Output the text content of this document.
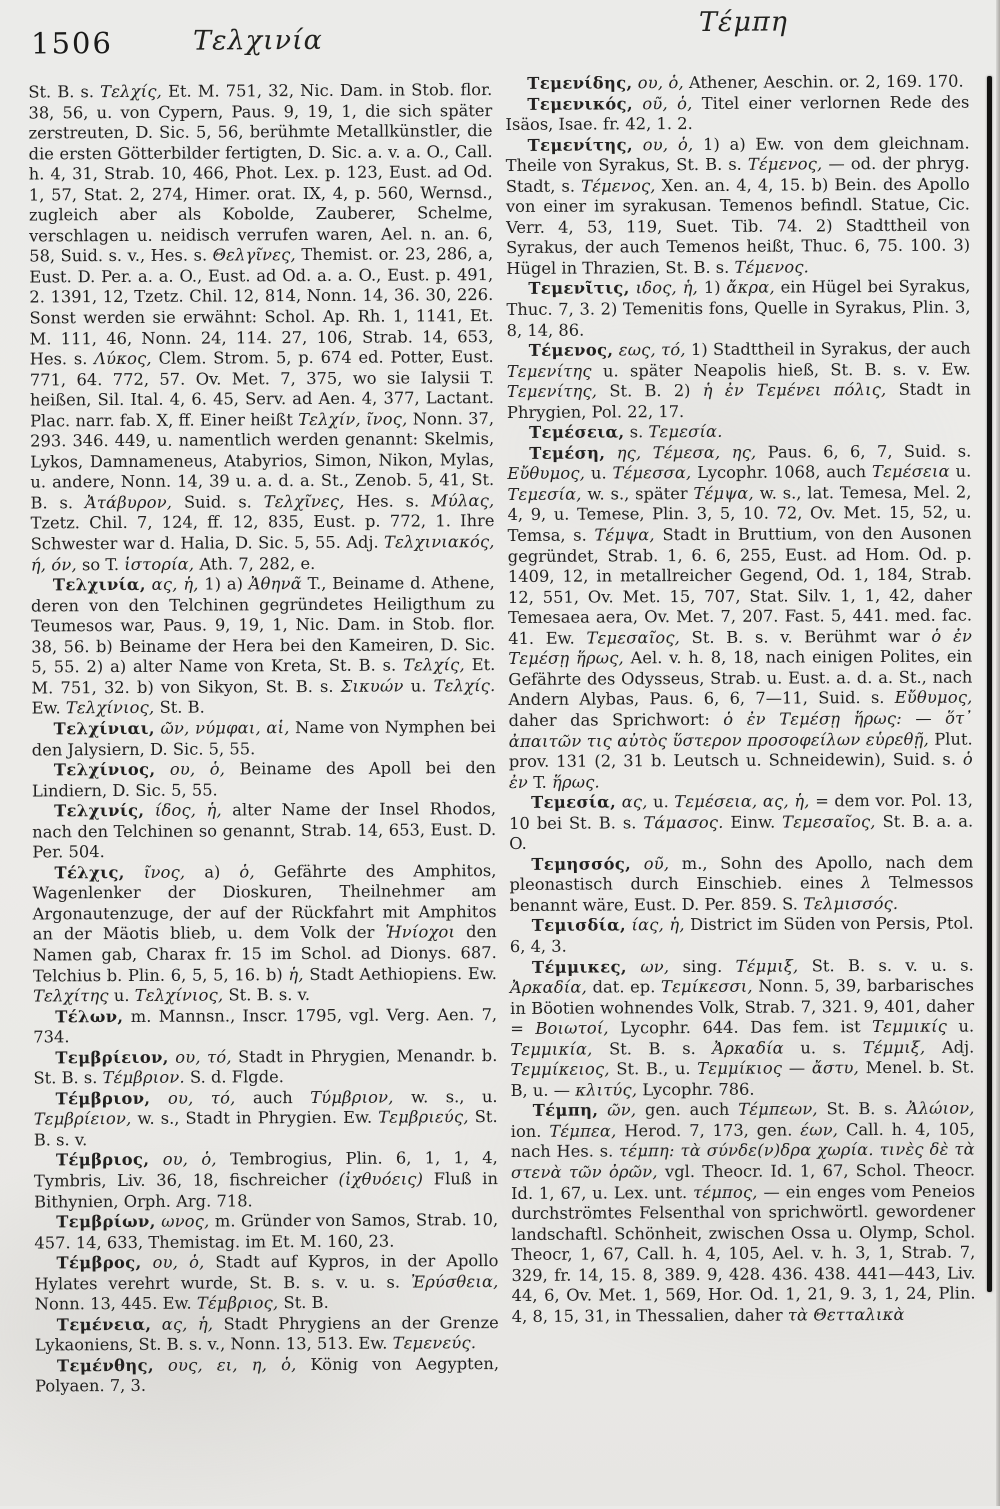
1506	Τελχινία
Τέμπη

St. B. s. Τελχίς, Et. M. 751, 32, Nic. Dam. in Stob. flor. 38, 56, u. von Cypern, Paus. 9, 19, 1, die sich später zerstreuten, D. Sic. 5, 56, berühmte Metallkünstler, die die ersten Götterbilder fertigten, D. Sic. a. v. a. O., Call. h. 4, 31, Strab. 10, 466, Phot. Lex. p. 123, Eust. ad Od. 1, 57, Stat. 2, 274, Himer. orat. IX, 4, p. 560, Wernsd., zugleich aber als Kobolde, Zauberer, Schelme, verschlagen u. neidisch verrufen waren, Ael. n. an. 6, 58, Suid. s. v., Hes. s. Θελγῖνες, Themist. or. 23, 286, a, Eust. D. Per. a. a. O., Eust. ad Od. a. a. O., Eust. p. 491, 2. 1391, 12, Tzetz. Chil. 12, 814, Nonn. 14, 36. 30, 226. Sonst werden sie erwähnt: Schol. Ap. Rh. 1, 1141, Et. M. 111, 46, Nonn. 24, 114. 27, 106, Strab. 14, 653, Hes. s. Λύκος, Clem. Strom. 5, p. 674 ed. Potter, Eust. 771, 64. 772, 57. Ov. Met. 7, 375, wo sie Ialysii T. heißen, Sil. Ital. 4, 6. 45, Serv. ad Aen. 4, 377, Lactant. Plac. narr. fab. X, ff. Einer heißt Τελχίν, ῖνος, Nonn. 37, 293. 346. 449, u. namentlich werden genannt: Skelmis, Lykos, Damnameneus, Atabyrios, Simon, Nikon, Mylas, u. andere, Nonn. 14, 39 u. a. d. a. St., Zenob. 5, 41, St. B. s. Ἀτάβυρον, Suid. s. Τελχῖνες, Hes. s. Μύλας, Tzetz. Chil. 7, 124, ff. 12, 835, Eust. p. 772, 1. Ihre Schwester war d. Halia, D. Sic. 5, 55. Adj. Τελχινιακός, ή, όν, so T. ἱστορία, Ath. 7, 282, e.

Τελχινία, ας, ἡ, 1) a) Ἀθηνᾶ T., Beiname d. Athene, deren von den Telchinen gegründetes Heiligthum zu Teumesos war, Paus. 9, 19, 1, Nic. Dam. in Stob. flor. 38, 56. b) Beiname der Hera bei den Kameiren, D. Sic. 5, 55. 2) a) alter Name von Kreta, St. B. s. Τελχίς, Et. M. 751, 32. b) von Sikyon, St. B. s. Σικυών u. Τελχίς. Ew. Τελχίνιος, St. B.

Τελχίνιαι, ῶν, νύμφαι, αἱ, Name von Nymphen bei den Jalysiern, D. Sic. 5, 55.

Τελχίνιος, ου, ὁ, Beiname des Apoll bei den Lindiern, D. Sic. 5, 55.

Τελχινίς, ίδος, ἡ, alter Name der Insel Rhodos, nach den Telchinen so genannt, Strab. 14, 653, Eust. D. Per. 504.

Τέλχις, ῖνος, a) ὁ, Gefährte des Amphitos, Wagenlenker der Dioskuren, Theilnehmer am Argonautenzuge, der auf der Rückfahrt mit Amphitos an der Mäotis blieb, u. dem Volk der Ἡνίοχοι den Namen gab, Charax fr. 15 im Schol. ad Dionys. 687. Telchius b. Plin. 6, 5, 5, 16. b) ἡ, Stadt Aethiopiens. Ew. Τελχίτης u. Τελχίνιος, St. B. s. v.

Τέλων, m. Mannsn., Inscr. 1795, vgl. Verg. Aen. 7, 734.

Τεμβρίειον, ου, τό, Stadt in Phrygien, Menandr. b. St. B. s. Τέμβριον. S. d. Flgde.

Τέμβριον, ου, τό, auch Τύμβριον, w. s., u. Τεμβρίειον, w. s., Stadt in Phrygien. Ew. Τεμβριεύς, St. B. s. v.

Τέμβριος, ου, ὁ, Tembrogius, Plin. 6, 1, 1, 4, Tymbris, Liv. 36, 18, fischreicher (ἰχθυόεις) Fluß in Bithynien, Orph. Arg. 718.

Τεμβρίων, ωνος, m. Gründer von Samos, Strab. 10, 457. 14, 633, Themistag. im Et. M. 160, 23.

Τέμβρος, ου, ὁ, Stadt auf Kypros, in der Apollo Hylates verehrt wurde, St. B. s. v. u. s. Ἐρύσθεια, Nonn. 13, 445. Ew. Τέμβριος, St. B.

Τεμένεια, ας, ἡ, Stadt Phrygiens an der Grenze Lykaoniens, St. B. s. v., Nonn. 13, 513. Ew. Τεμενεύς.

Τεμένθης, ους, ει, η, ὁ, König von Aegypten, Polyaen. 7, 3.

Τεμενίδης, ου, ὁ, Athener, Aeschin. or. 2, 169. 170.

Τεμενικός, οῦ, ὁ, Titel einer verlornen Rede des Isäos, Isae. fr. 42, 1. 2.

Τεμενίτης, ου, ὁ, 1) a) Ew. von dem gleichnam. Theile von Syrakus, St. B. s. Τέμενος, — od. der phryg. Stadt, s. Τέμενος, Xen. an. 4, 4, 15. b) Bein. des Apollo von einer im syrakusan. Temenos befindl. Statue, Cic. Verr. 4, 53, 119, Suet. Tib. 74. 2) Stadttheil von Syrakus, der auch Temenos heißt, Thuc. 6, 75. 100. 3) Hügel in Thrazien, St. B. s. Τέμενος.

Τεμενῖτις, ιδος, ἡ, 1) ἄκρα, ein Hügel bei Syrakus, Thuc. 7, 3. 2) Temenitis fons, Quelle in Syrakus, Plin. 3, 8, 14, 86.

Τέμενος, εως, τό, 1) Stadttheil in Syrakus, der auch Τεμενίτης u. später Neapolis hieß, St. B. s. v. Ew. Τεμενίτης, St. B. 2) ἡ ἐν Τεμένει πόλις, Stadt in Phrygien, Pol. 22, 17.

Τεμέσεια, s. Τεμεσία.

Τεμέση, ης, Τέμεσα, ης, Paus. 6, 6, 7, Suid. s. Εὔθυμος, u. Τέμεσσα, Lycophr. 1068, auch Τεμέσεια u. Τεμεσία, w. s., später Τέμψα, w. s., lat. Temesa, Mel. 2, 4, 9, u. Temese, Plin. 3, 5, 10. 72, Ov. Met. 15, 52, u. Temsa, s. Τέμψα, Stadt in Bruttium, von den Ausonen gegründet, Strab. 1, 6. 6, 255, Eust. ad Hom. Od. p. 1409, 12, in metallreicher Gegend, Od. 1, 184, Strab. 12, 551, Ov. Met. 15, 707, Stat. Silv. 1, 1, 42, daher Temesaea aera, Ov. Met. 7, 207. Fast. 5, 441. med. fac. 41. Ew. Τεμεσαῖος, St. B. s. v. Berühmt war ὁ ἐν Τεμέσῃ ἥρως, Ael. v. h. 8, 18, nach einigen Polites, ein Gefährte des Odysseus, Strab. u. Eust. a. d. a. St., nach Andern Alybas, Paus. 6, 6, 7—11, Suid. s. Εὔθυμος, daher das Sprichwort: ὁ ἐν Τεμέσῃ ἥρως: — ὅτ᾽ ἀπαιτῶν τις αὐτὸς ὕστερον προσοφείλων εὑρεθῇ, Plut. prov. 131 (2, 31 b. Leutsch u. Schneidewin), Suid. s. ὁ ἐν T. ἥρως.

Τεμεσία, ας, u. Τεμέσεια, ας, ἡ, = dem vor. Pol. 13, 10 bei St. B. s. Τάμασος. Einw. Τεμεσαῖος, St. B. a. a. O.

Τεμησσός, οῦ, m., Sohn des Apollo, nach dem pleonastisch durch Einschieb. eines λ Telmessos benannt wäre, Eust. D. Per. 859. S. Τελμισσός.

Τεμισδία, ίας, ἡ, District im Süden von Persis, Ptol. 6, 4, 3.

Τέμμικες, ων, sing. Τέμμιξ, St. B. s. v. u. s. Ἀρκαδία, dat. ep. Τεμίκεσσι, Nonn. 5, 39, barbarisches in Böotien wohnendes Volk, Strab. 7, 321. 9, 401, daher = Βοιωτοί, Lycophr. 644. Das fem. ist Τεμμικίς u. Τεμμικία, St. B. s. Ἀρκαδία u. s. Τέμμιξ, Adj. Τεμμίκειος, St. B., u. Τεμμίκιος — ἄστυ, Menel. b. St. B, u. — κλιτύς, Lycophr. 786.

Τέμπη, ῶν, gen. auch Τέμπεων, St. B. s. Ἀλώιον, ion. Τέμπεα, Herod. 7, 173, gen. έων, Call. h. 4, 105, nach Hes. s. τέμπη: τὰ σύνδε(ν)δρα χωρία. τινὲς δὲ τὰ στενὰ τῶν ὀρῶν, vgl. Theocr. Id. 1, 67, Schol. Theocr. Id. 1, 67, u. Lex. unt. τέμπος, — ein enges vom Peneios durchströmtes Felsenthal von sprichwörtl. gewordener landschaftl. Schönheit, zwischen Ossa u. Olymp, Schol. Theocr, 1, 67, Call. h. 4, 105, Ael. v. h. 3, 1, Strab. 7, 329, fr. 14, 15. 8, 389. 9, 428. 436. 438. 441—443, Liv. 44, 6, Ov. Met. 1, 569, Hor. Od. 1, 21, 9. 3, 1, 24, Plin. 4, 8, 15, 31, in Thessalien, daher τὰ Θετταλικὰ
